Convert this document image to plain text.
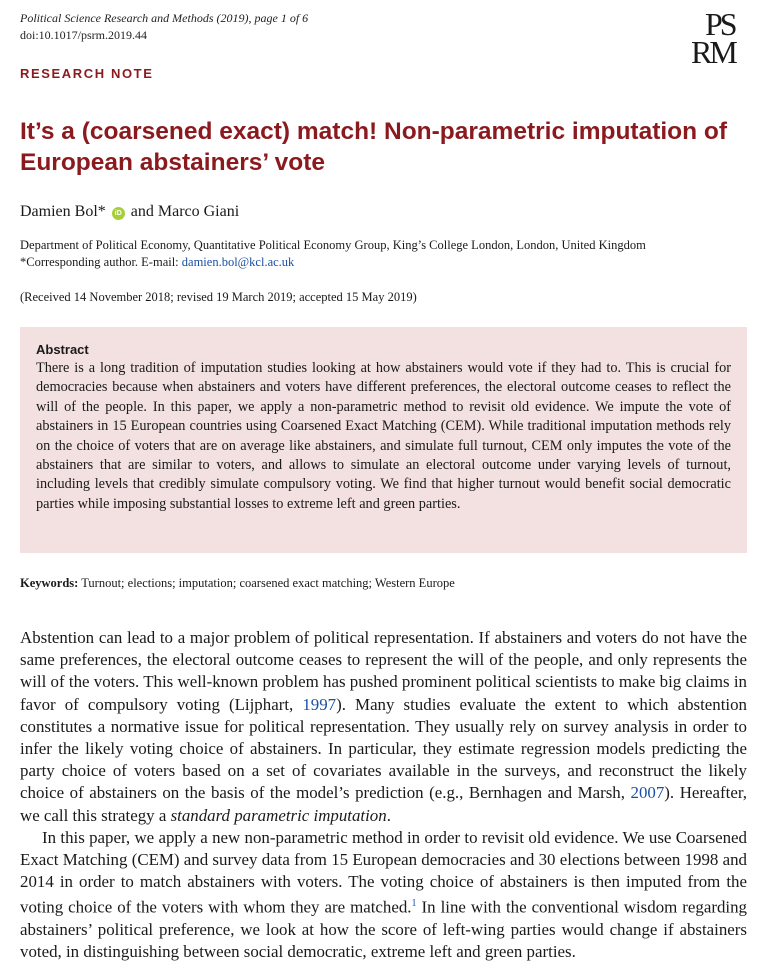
Political Science Research and Methods (2019), page 1 of 6
doi:10.1017/psrm.2019.44	PS
RM
RESEARCH NOTE
It’s a (coarsened exact) match! Non-parametric imputation of European abstainers’ vote
Damien Bol* iD and Marco Giani
Department of Political Economy, Quantitative Political Economy Group, King’s College London, London, United Kingdom
*Corresponding author. E-mail: damien.bol@kcl.ac.uk
(Received 14 November 2018; revised 19 March 2019; accepted 15 May 2019)
Abstract

There is a long tradition of imputation studies looking at how abstainers would vote if they had to. This is crucial for democracies because when abstainers and voters have different preferences, the electoral outcome ceases to reflect the will of the people. In this paper, we apply a non-parametric method to revisit old evidence. We impute the vote of abstainers in 15 European countries using Coarsened Exact Matching (CEM). While traditional imputation methods rely on the choice of voters that are on average like abstainers, and simulate full turnout, CEM only imputes the vote of the abstainers that are similar to voters, and allows to simulate an electoral outcome under varying levels of turnout, including levels that credibly simulate compulsory voting. We find that higher turnout would benefit social democratic parties while imposing substantial losses to extreme left and green parties.

Keywords: Turnout; elections; imputation; coarsened exact matching; Western Europe

Abstention can lead to a major problem of political representation. If abstainers and voters do not have the same preferences, the electoral outcome ceases to represent the will of the people, and only represents the will of the voters. This well-known problem has pushed prominent political scientists to make big claims in favor of compulsory voting (Lijphart, 1997). Many studies evaluate the extent to which abstention constitutes a normative issue for political representation. They usually rely on survey analysis in order to infer the likely voting choice of abstainers. In particular, they estimate regression models predicting the party choice of voters based on a set of covariates available in the surveys, and reconstruct the likely choice of abstainers on the basis of the model’s prediction (e.g., Bernhagen and Marsh, 2007). Hereafter, we call this strategy a standard parametric imputation.

In this paper, we apply a new non-parametric method in order to revisit old evidence. We use Coarsened Exact Matching (CEM) and survey data from 15 European democracies and 30 elections between 1998 and 2014 in order to match abstainers with voters. The voting choice of abstainers is then imputed from the voting choice of the voters with whom they are matched.$^1$ In line with the conventional wisdom regarding abstainers’ political preference, we look at how the score of left-wing parties would change if abstainers voted, in distinguishing between social democratic, extreme left and green parties.
